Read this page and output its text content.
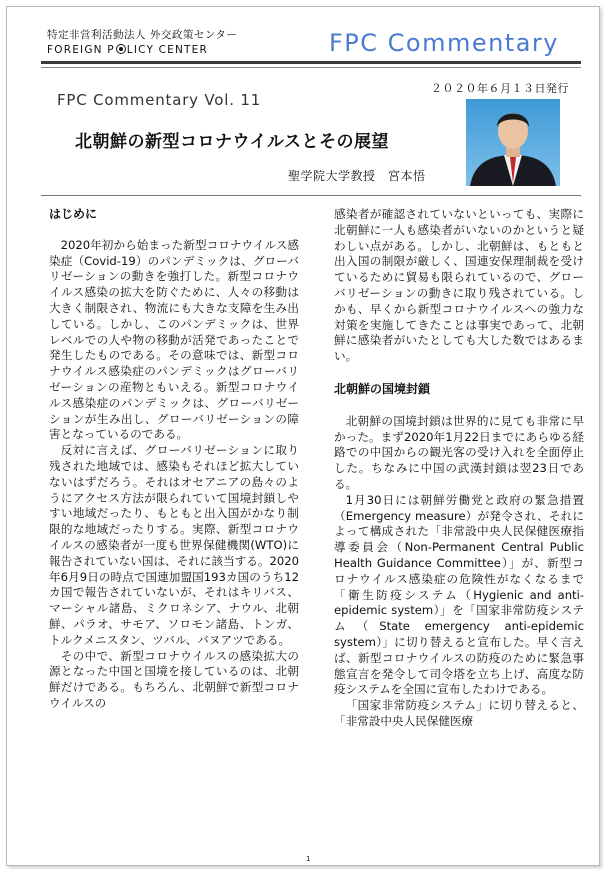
特定非営利活動法人 外交政策センター
FOREIGN P LICY CENTER	FPC Commentary
２０２０年６月１３日発行
FPC Commentary Vol. 11
北朝鮮の新型コロナウイルスとその展望
聖学院大学教授　宮本悟
はじめに

2020年初から始まった新型コロナウイルス感染症（Covid-19）のパンデミックは、グローバリゼーションの動きを強打した。新型コロナウイルス感染の拡大を防ぐために、人々の移動は大きく制限され、物流にも大きな支障を生み出している。しかし、このパンデミックは、世界レベルでの人や物の移動が活発であったことで発生したものである。その意味では、新型コロナウイルス感染症のパンデミックはグローバリゼーションの産物ともいえる。新型コロナウイルス感染症のパンデミックは、グローバリゼーションが生み出し、グローバリゼーションの障害となっているのである。

反対に言えば、グローバリゼーションに取り残された地域では、感染もそれほど拡大していないはずだろう。それはオセアニアの島々のようにアクセス方法が限られていて国境封鎖しやすい地域だったり、もともと出入国がかなり制限的な地域だったりする。実際、新型コロナウイルスの感染者が一度も世界保健機関(WTO)に報告されていない国は、それに該当する。2020年6月9日の時点で国連加盟国193カ国のうち12カ国で報告されていないが、それはキリバス、マーシャル諸島、ミクロネシア、ナウル、北朝鮮、パラオ、サモア、ソロモン諸島、トンガ、トルクメニスタン、ツバル、バヌアツである。

その中で、新型コロナウイルスの感染拡大の源となった中国と国境を接しているのは、北朝鮮だけである。もちろん、北朝鮮で新型コロナウイルスの

感染者が確認されていないといっても、実際に北朝鮮に一人も感染者がいないのかというと疑わしい点がある。しかし、北朝鮮は、もともと出入国の制限が厳しく、国連安保理制裁を受けているために貿易も限られているので、グローバリゼーションの動きに取り残されている。しかも、早くから新型コロナウイルスへの強力な対策を実施してきたことは事実であって、北朝鮮に感染者がいたとしても大した数ではあるまい。

北朝鮮の国境封鎖

北朝鮮の国境封鎖は世界的に見ても非常に早かった。まず2020年1月22日までにあらゆる経路での中国からの観光客の受け入れを全面停止した。ちなみに中国の武漢封鎖は翌23日である。

1月30日には朝鮮労働党と政府の緊急措置（Emergency measure）が発令され、それによって構成された「非常設中央人民保健医療指導委員会（Non-Permanent Central Public Health Guidance Committee）」が、新型コロナウイルス感染症の危険性がなくなるまで「衛生防疫システム（Hygienic and anti-epidemic system）」を「国家非常防疫システム（State emergency anti-epidemic system）」に切り替えると宣布した。早く言えば、新型コロナウイルスの防疫のために緊急事態宣言を発令して司令塔を立ち上げ、高度な防疫システムを全国に宣布したわけである。

「国家非常防疫システム」に切り替えると、「非常設中央人民保健医療

1
